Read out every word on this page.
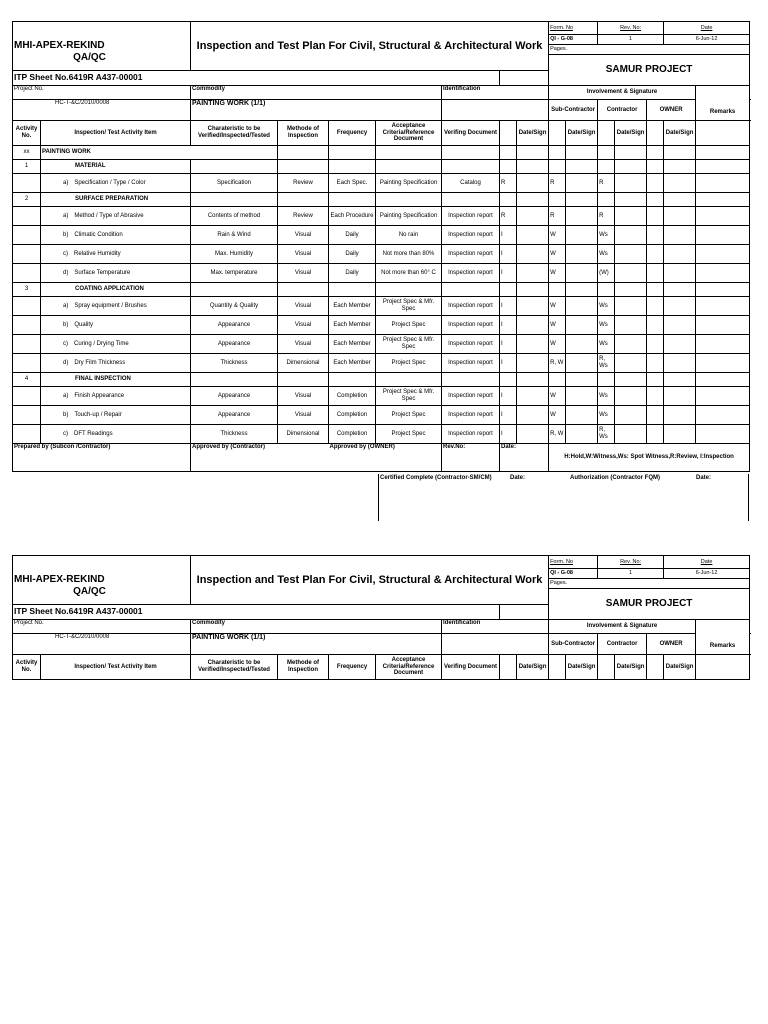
MHI-APEX-REKIND
QA/QC		Inspection and Test Plan For Civil, Structural & Architectural Work							Form. No		Rev. No:			Date		
									QI - G-08		1			6-Jun-12		
									Pages.							
									SAMUR PROJECT							
ITP Sheet No.6419R A437-00001																
Project No.		Commodity				Identification			Involvement & Signature						Remarks	
HC-T-&C/2010/0008		PAINTING WORK (1/1)							Sub-Contractor		Contractor		OWNER	
Activity No.	Inspection/ Test Activity Item	Charateristic to be Verified/Inspected/Tested	Methode of Inspection	Frequency	Acceptance Criteria/Reference Document	Verifing Document		Date/Sign		Date/Sign		Date/Sign		Date/Sign		
xx	PAINTING WORK															
1	MATERIAL															
	a) Specification / Type / Color	Specification	Review	Each Spec.	Painting Specification	Catalog	R		R		R					
2	SURFACE PREPARATION															
	a) Method / Type of Abrasive	Contents of method	Review	Each Procedure	Painting Specification	Inspection report	R		R		R					
	b) Climatic Condition	Rain & Wind	Visual	Daily	No rain	Inspection report	I		W		Ws					
	c) Relative Humidity	Max. Humidity	Visual	Daily	Not more than 80%	Inspection report	I		W		Ws					
	d) Surface Temperature	Max. temperature	Visual	Daily	Not more than 60° C	Inspection report	I		W		(W)					
3	COATING APPLICATION															
	a) Spray equipment / Brushes	Quantity & Quality	Visual	Each Member	Project Spec & Mfr. Spec	Inspection report	I		W		Ws					
	b) Quality	Appearance	Visual	Each Member	Project Spec	Inspection report	I		W		Ws					
	c) Curing / Drying Time	Appearance	Visual	Each Member	Project Spec & Mfr. Spec	Inspection report	I		W		Ws					
	d) Dry Film Thickness	Thickness	Dimensional	Each Member	Project Spec	Inspection report	I		R, W		R, Ws					
4	FINAL INSPECTION															
	a) Finish Appearance	Appearance	Visual	Completion	Project Spec & Mfr. Spec	Inspection report	I		W		Ws					
	b) Touch-up / Repair	Appearance	Visual	Completion	Project Spec	Inspection report	I		W		Ws					
	c) DFT Readings	Thickness	Dimensional	Completion	Project Spec	Inspection report	I		R, W		R, Ws					
Prepared by (Subcon /Contractor)		Approved by (Contractor)		Approved by (OWNER)		Rev.No:	Date:		H:Hold,W:Witness,Ws: Spot Witness,R:Review, I:Inspection							
Certified Complete (Contractor-SM/CM)	Date:	Authorization (Contractor FQM)	Date:
MHI-APEX-REKIND
QA/QC		Inspection and Test Plan For Civil, Structural & Architectural Work							Form. No		Rev. No:			Date		
									QI - G-08		1			6-Jun-12		
									Pages.							
									SAMUR PROJECT							
ITP Sheet No.6419R A437-00001																
Project No.		Commodity				Identification			Involvement & Signature						Remarks	
HC-T-&C/2010/0008		PAINTING WORK (1/1)							Sub-Contractor		Contractor		OWNER	
Activity No.	Inspection/ Test Activity Item	Charateristic to be Verified/Inspected/Tested	Methode of Inspection	Frequency	Acceptance Criteria/Reference Document	Verifing Document		Date/Sign		Date/Sign		Date/Sign		Date/Sign		
